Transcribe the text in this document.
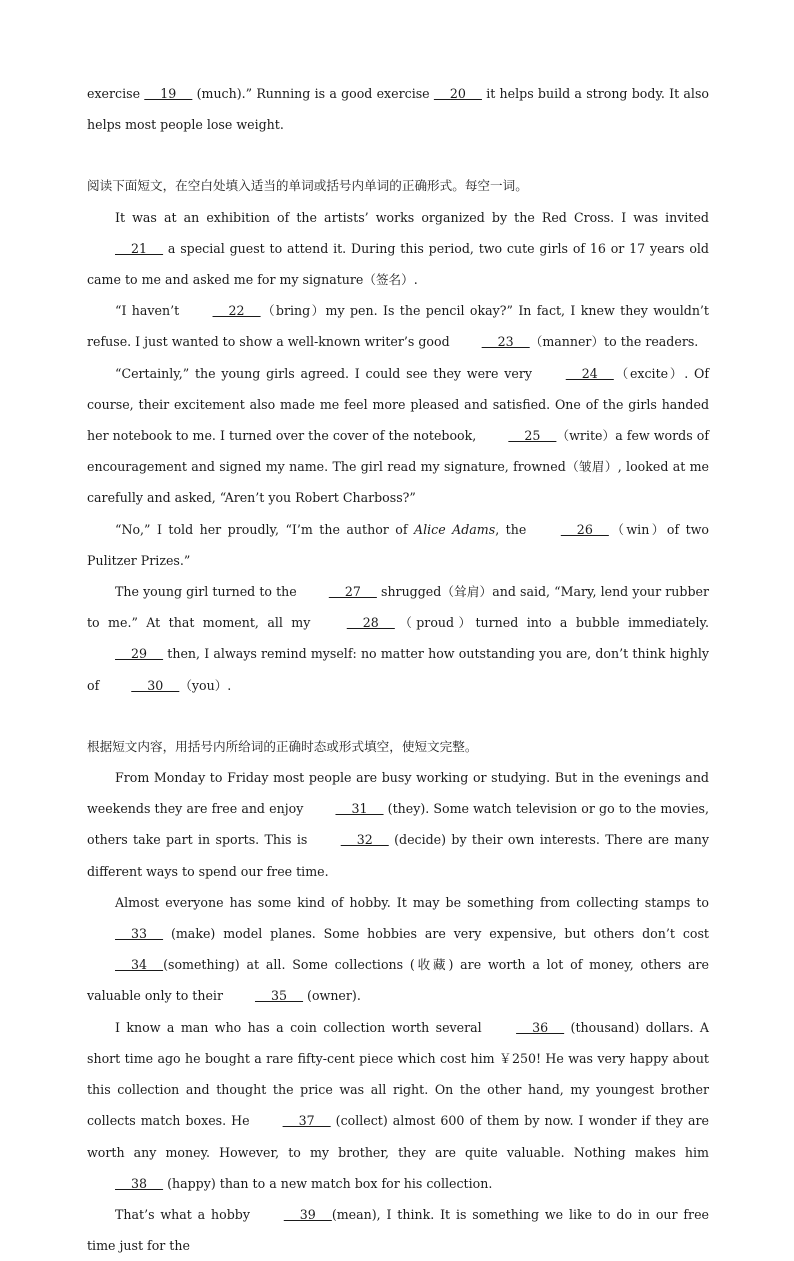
exercise     19     (much).” Running is a good exercise     20     it helps build a strong body. It also helps most people lose weight.

阅读下面短文，在空白处填入适当的单词或括号内单词的正确形式。每空一词。

It was at an exhibition of the artists’ works organized by the Red Cross. I was invited     21     a special guest to attend it. During this period, two cute girls of 16 or 17 years old came to me and asked me for my signature（签名）.

“I haven’t     22    （bring）my pen. Is the pencil okay?” In fact, I knew they wouldn’t refuse. I just wanted to show a well-known writer’s good     23    （manner）to the readers.

“Certainly,” the young girls agreed. I could see they were very     24    （excite）. Of course, their excitement also made me feel more pleased and satisfied. One of the girls handed her notebook to me. I turned over the cover of the notebook,     25    （write）a few words of encouragement and signed my name. The girl read my signature, frowned（皱眉）, looked at me carefully and asked, “Aren’t you Robert Charboss?”

“No,” I told her proudly, “I’m the author of Alice Adams, the     26    （win）of two Pulitzer Prizes.”

The young girl turned to the     27     shrugged（耸肩）and said, “Mary, lend your rubber to me.” At that moment, all my     28    （proud）turned into a bubble immediately.     29     then, I always remind myself: no matter how outstanding you are, don’t think highly of     30    （you）.

根据短文内容，用括号内所给词的正确时态或形式填空，使短文完整。

From Monday to Friday most people are busy working or studying. But in the evenings and weekends they are free and enjoy     31     (they). Some watch television or go to the movies, others take part in sports. This is     32     (decide) by their own interests. There are many different ways to spend our free time.

Almost everyone has some kind of hobby. It may be something from collecting stamps to     33     (make) model planes. Some hobbies are very expensive, but others don’t cost     34    (something) at all. Some collections (收藏) are worth a lot of money, others are valuable only to their     35     (owner).

I know a man who has a coin collection worth several     36     (thousand) dollars. A short time ago he bought a rare fifty-cent piece which cost him ￥250! He was very happy about this collection and thought the price was all right. On the other hand, my youngest brother collects match boxes. He     37     (collect) almost 600 of them by now. I wonder if they are worth any money. However, to my brother, they are quite valuable. Nothing makes him     38     (happy) than to a new match box for his collection.

That’s what a hobby     39    (mean), I think. It is something we like to do in our free time just for the
